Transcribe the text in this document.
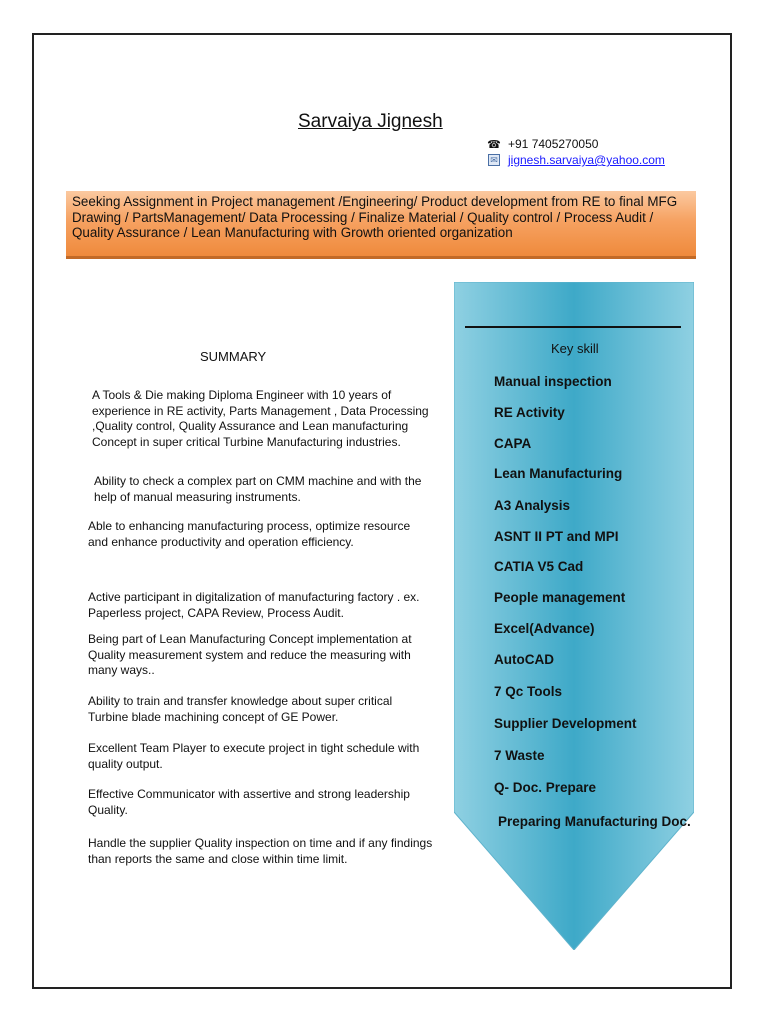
Sarvaiya Jignesh
☎ +91 7405270050
✉ jignesh.sarvaiya@yahoo.com
Seeking Assignment in Project management /Engineering/ Product development from RE to final MFG Drawing / PartsManagement/ Data Processing / Finalize Material / Quality control / Process Audit / Quality Assurance / Lean Manufacturing with Growth oriented organization
SUMMARY
A Tools & Die making Diploma Engineer with 10 years of experience in RE activity, Parts Management , Data Processing ,Quality control, Quality Assurance and Lean manufacturing Concept in super critical Turbine Manufacturing industries.
Ability to check a complex part on CMM machine and with the help of manual measuring instruments.
Able to enhancing manufacturing process, optimize resource and enhance productivity and operation efficiency.
Active participant in digitalization of manufacturing factory . ex. Paperless project, CAPA Review, Process Audit.
Being part of Lean Manufacturing Concept implementation at Quality measurement system and reduce the measuring with many ways..
Ability to train and transfer knowledge about super critical Turbine blade machining concept of GE Power.
Excellent Team Player to execute project in tight schedule with quality output.
Effective Communicator with assertive and strong leadership Quality.
Handle the supplier Quality inspection on time and if any findings than reports the same and close within time limit.
Key skill
Manual inspection
RE Activity
CAPA
Lean Manufacturing
A3 Analysis
ASNT II PT and MPI
CATIA V5 Cad
People management
Excel(Advance)
AutoCAD
7 Qc Tools
Supplier Development
7 Waste
Q- Doc. Prepare
Preparing Manufacturing Doc.
